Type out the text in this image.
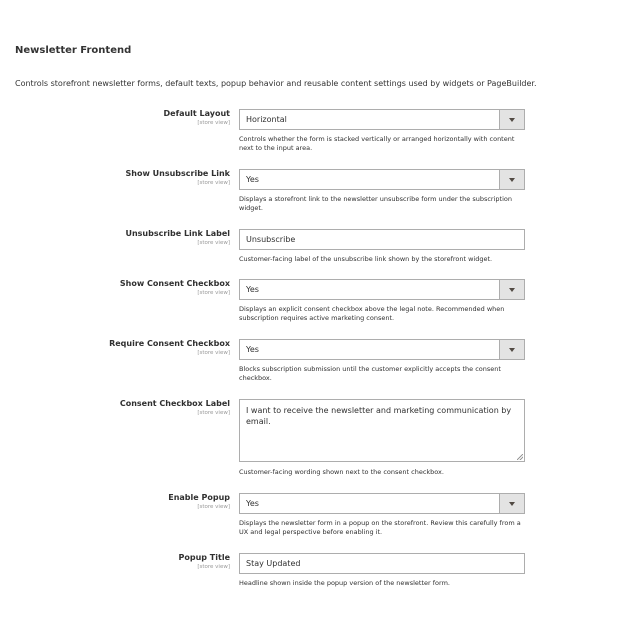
Newsletter Frontend

Controls storefront newsletter forms, default texts, popup behavior and reusable content settings used by widgets or PageBuilder.

Default Layout
[store view] Horizontal
Controls whether the form is stacked vertically or arranged horizontally with content next to the input area.
Show Unsubscribe Link
[store view] Yes
Displays a storefront link to the newsletter unsubscribe form under the subscription widget.
Unsubscribe Link Label
[store view] Unsubscribe
Customer-facing label of the unsubscribe link shown by the storefront widget.
Show Consent Checkbox
[store view] Yes
Displays an explicit consent checkbox above the legal note. Recommended when subscription requires active marketing consent.
Require Consent Checkbox
[store view] Yes
Blocks subscription submission until the customer explicitly accepts the consent checkbox.
Consent Checkbox Label
[store view] I want to receive the newsletter and marketing communication by email.
Customer-facing wording shown next to the consent checkbox.
Enable Popup
[store view] Yes
Displays the newsletter form in a popup on the storefront. Review this carefully from a UX and legal perspective before enabling it.
Popup Title
[store view] Stay Updated
Headline shown inside the popup version of the newsletter form.
